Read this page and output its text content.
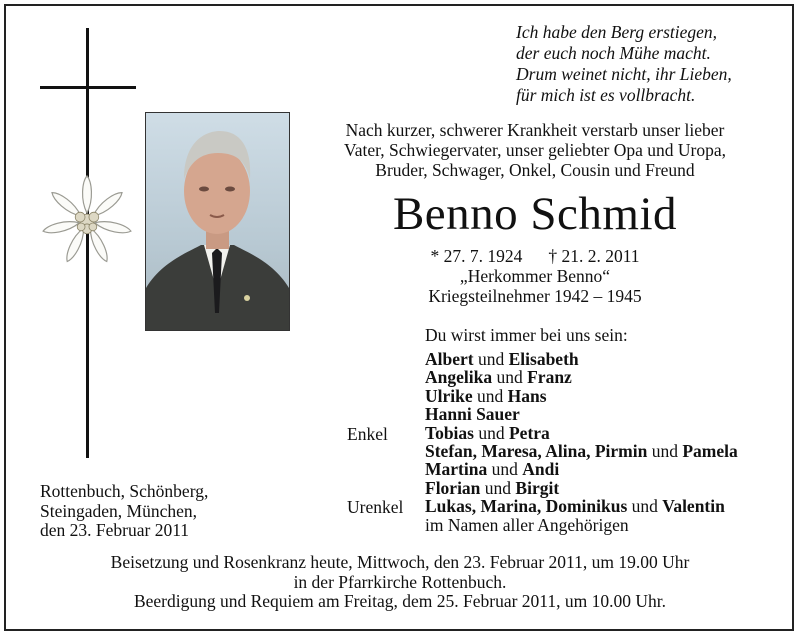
Ich habe den Berg erstiegen,
der euch noch Mühe macht.
Drum weinet nicht, ihr Lieben,
für mich ist es vollbracht.
Nach kurzer, schwerer Krankheit verstarb unser lieber
Vater, Schwiegervater, unser geliebter Opa und Uropa,
Bruder, Schwager, Onkel, Cousin und Freund
Benno Schmid
* 27. 7. 1924 † 21. 2. 2011
„Herkommer Benno“
Kriegsteilnehmer 1942 – 1945
Du wirst immer bei uns sein:
Albert und Elisabeth
Angelika und Franz
Ulrike und Hans
Hanni Sauer
Tobias und Petra
Stefan, Maresa, Alina, Pirmin und Pamela
Martina und Andi
Florian und Birgit
Lukas, Marina, Dominikus und Valentin
im Namen aller Angehörigen
Enkel
Urenkel
Rottenbuch, Schönberg,
Steingaden, München,
den 23. Februar 2011
Beisetzung und Rosenkranz heute, Mittwoch, den 23. Februar 2011, um 19.00 Uhr
in der Pfarrkirche Rottenbuch.
Beerdigung und Requiem am Freitag, dem 25. Februar 2011, um 10.00 Uhr.
